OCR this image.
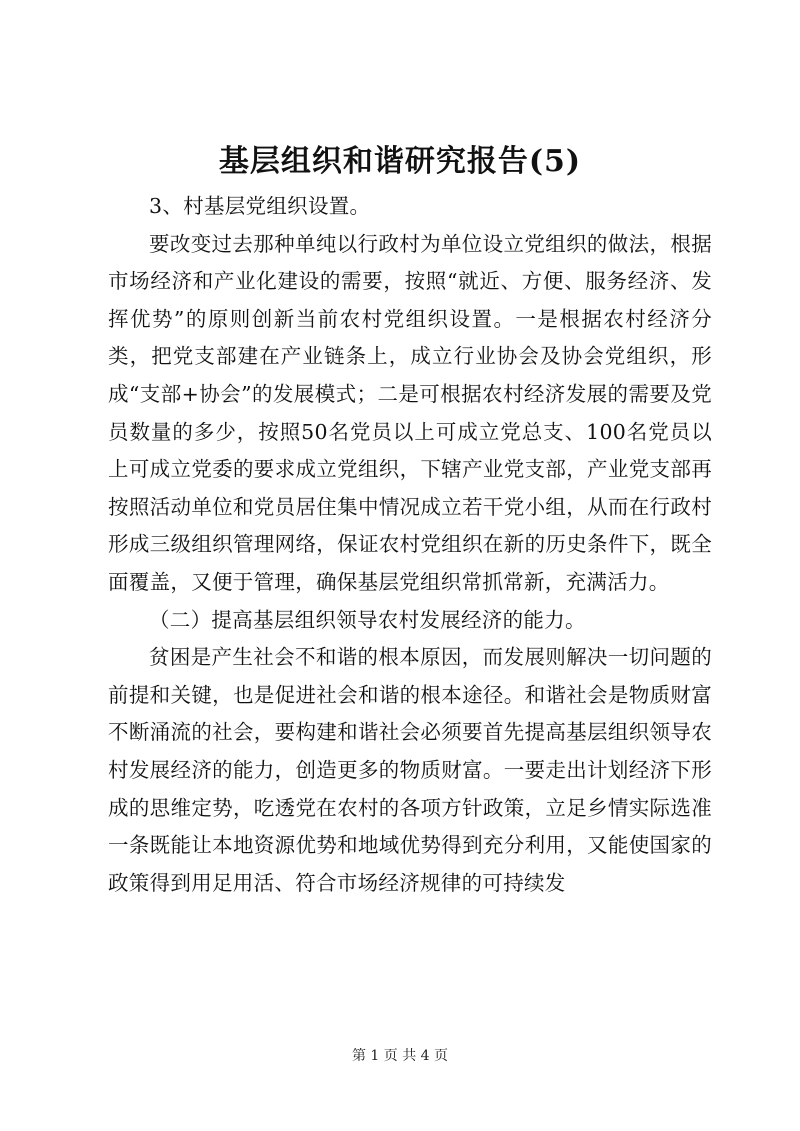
基层组织和谐研究报告(5)

3、村基层党组织设置。

要改变过去那种单纯以行政村为单位设立党组织的做法，根据市场经济和产业化建设的需要，按照“就近、方便、服务经济、发挥优势”的原则创新当前农村党组织设置。一是根据农村经济分类，把党支部建在产业链条上，成立行业协会及协会党组织，形成“支部+协会”的发展模式；二是可根据农村经济发展的需要及党员数量的多少，按照50名党员以上可成立党总支、100名党员以上可成立党委的要求成立党组织，下辖产业党支部，产业党支部再按照活动单位和党员居住集中情况成立若干党小组，从而在行政村形成三级组织管理网络，保证农村党组织在新的历史条件下，既全面覆盖，又便于管理，确保基层党组织常抓常新，充满活力。

（二）提高基层组织领导农村发展经济的能力。

贫困是产生社会不和谐的根本原因，而发展则解决一切问题的前提和关键，也是促进社会和谐的根本途径。和谐社会是物质财富不断涌流的社会，要构建和谐社会必须要首先提高基层组织领导农村发展经济的能力，创造更多的物质财富。一要走出计划经济下形成的思维定势，吃透党在农村的各项方针政策，立足乡情实际选准一条既能让本地资源优势和地域优势得到充分利用，又能使国家的政策得到用足用活、符合市场经济规律的可持续发

第 1 页 共 4 页
